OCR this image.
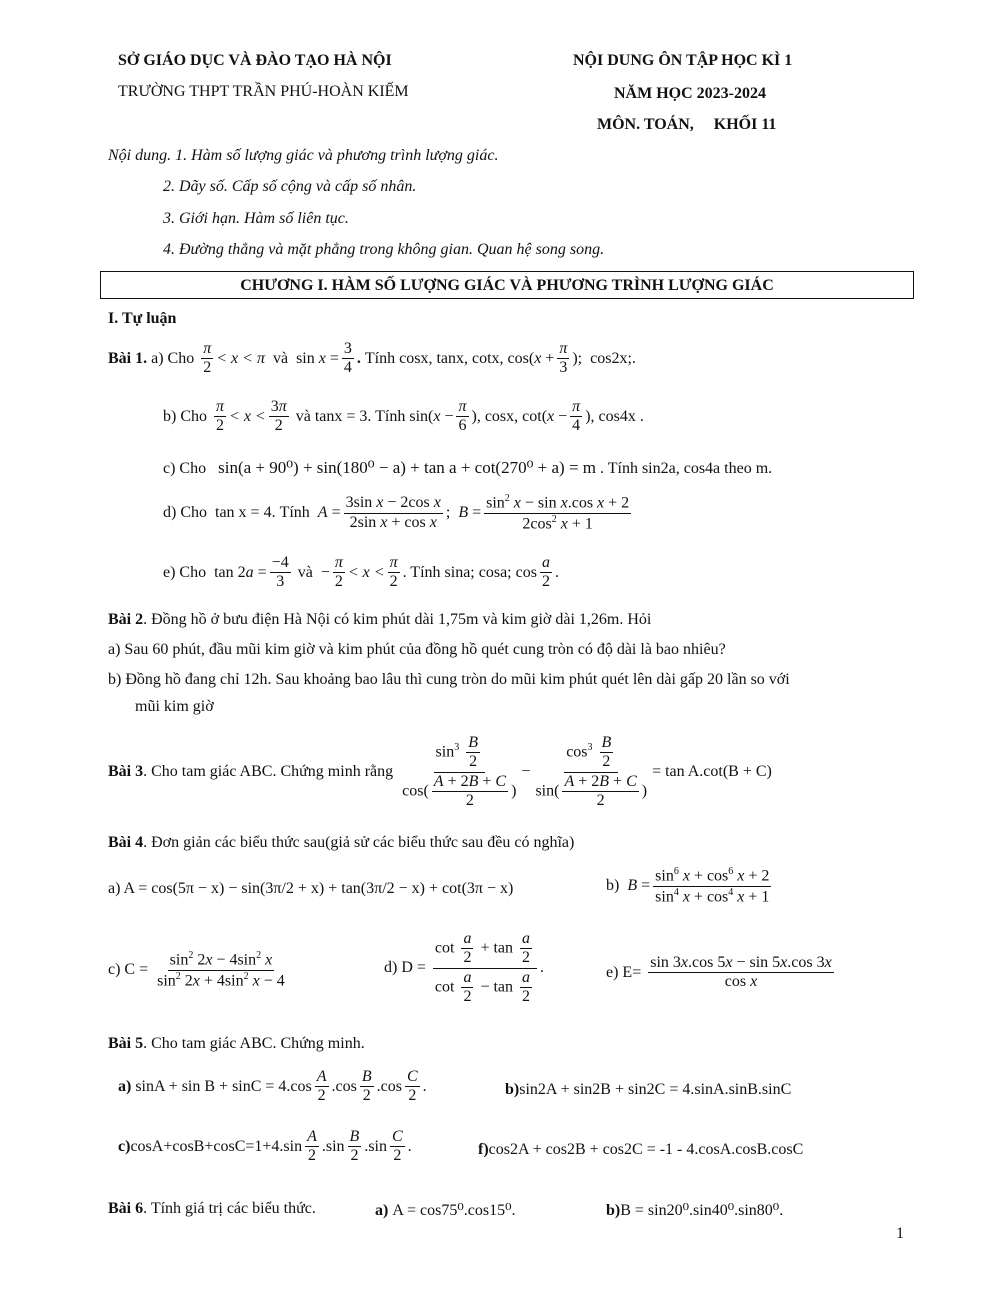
SỞ GIÁO DỤC VÀ ĐÀO TẠO HÀ NỘI
TRƯỜNG THPT TRẦN PHÚ-HOÀN KIẾM
NỘI DUNG ÔN TẬP HỌC KÌ 1
NĂM HỌC 2023-2024
MÔN. TOÁN,     KHỐI 11
Nội dung. 1. Hàm số lượng giác và phương trình lượng giác.
2. Dãy số. Cấp số cộng và cấp số nhân.
3. Giới hạn. Hàm số liên tục.
4. Đường thẳng và mặt phẳng trong không gian. Quan hệ song song.
CHƯƠNG I. HÀM SỐ LƯỢNG GIÁC VÀ PHƯƠNG TRÌNH LƯỢNG GIÁC
I. Tự luận
Bài 1.
a) Cho
$\frac{\pi}{2} < x < \pi$
và
$\sin x = \frac{3}{4}$ .
Tính cosx, tanx, cotx,
$\cos(x + \frac{\pi}{3}$ ); cos2x;.
b) Cho
$\frac{\pi}{2} < x < \frac{3\pi}{2}$
và tanx = 3. Tính
$\sin(x - \frac{\pi}{6}$ ) , cosx,
$\cot(x - \frac{\pi}{4}$ ) , cos4x .
c) Cho sin(a + 90⁰) + sin(180⁰ − a) + tan a + cot(270⁰ + a) = m . Tính sin2a, cos4a theo m.
d) Cho
tan x = 4.
Tính
$A = \frac{\text{3sin x − 2cos x}}{\text{2sin x + cos x}}$ ; $B = \frac{\sin^2 x - \sin x.\cos x + 2}{2\cos^2 x + 1}$
e) Cho
$\tan 2a = \frac{-4}{3}$
và − $\frac{\pi}{2} < x < \frac{\pi}{2}$ . Tính sina; cosa; $\cos \frac{a}{2}$ .
Bài 2. Đồng hồ ở bưu điện Hà Nội có kim phút dài 1,75m và kim giờ dài 1,26m. Hỏi
a) Sau 60 phút, đầu mũi kim giờ và kim phút của đồng hồ quét cung tròn có độ dài là bao nhiêu?
b) Đồng hồ đang chỉ 12h. Sau khoảng bao lâu thì cung tròn do mũi kim phút quét lên dài gấp 20 lần so với
mũi kim giờ
Bài 3 . Cho tam giác ABC. Chứng minh rằng
$\frac{\sin^3 \frac{B}{2}}{\cos( \frac{A + 2B + C}{2} )} - \frac{\cos^3 \frac{B}{2}}{\sin( \frac{A + 2B + C}{2} )} = \tan A.\cot(B + C)$
Bài 4. Đơn giản các biểu thức sau(giả sử các biểu thức sau đều có nghĩa)
a) A = cos(5π − x) − sin(3π/2 + x) + tan(3π/2 − x) + cot(3π − x)	b)
$B = \frac{\sin^6 x + \cos^6 x + 2}{\sin^4 x + \cos^4 x + 1}$
c) C =
$\frac{\sin^2 2x - 4\sin^2 x}{\sin^2 2x + 4\sin^2 x - 4}$	d) D =
$\frac{\cot \frac{a}{2} + \tan \frac{a}{2}}{\cot \frac{a}{2} - \tan \frac{a}{2}}$ .	e) E=
$\frac{\sin 3x.\cos 5x - \sin 5x.\cos 3x}{\text{cos x}}$
Bài 5. Cho tam giác ABC. Chứng minh.
a)
$\sin A + \sin B + \sin C = 4.\cos \frac{A}{2} .\cos \frac{B}{2} .\cos \frac{C}{2}$ .	b)sin2A + sin2B + sin2C = 4.sinA.sinB.sinC
c) $\cos A+\cos B+\cos C=1+4.\sin \frac{A}{2} .\sin \frac{B}{2} .\sin \frac{C}{2}$ .	f)cos2A + cos2B + cos2C = -1 - 4.cosA.cosB.cosC
Bài 6. Tính giá trị các biểu thức.	a) A = cos75⁰.cos15⁰.	b)B = sin20⁰.sin40⁰.sin80⁰.
1
